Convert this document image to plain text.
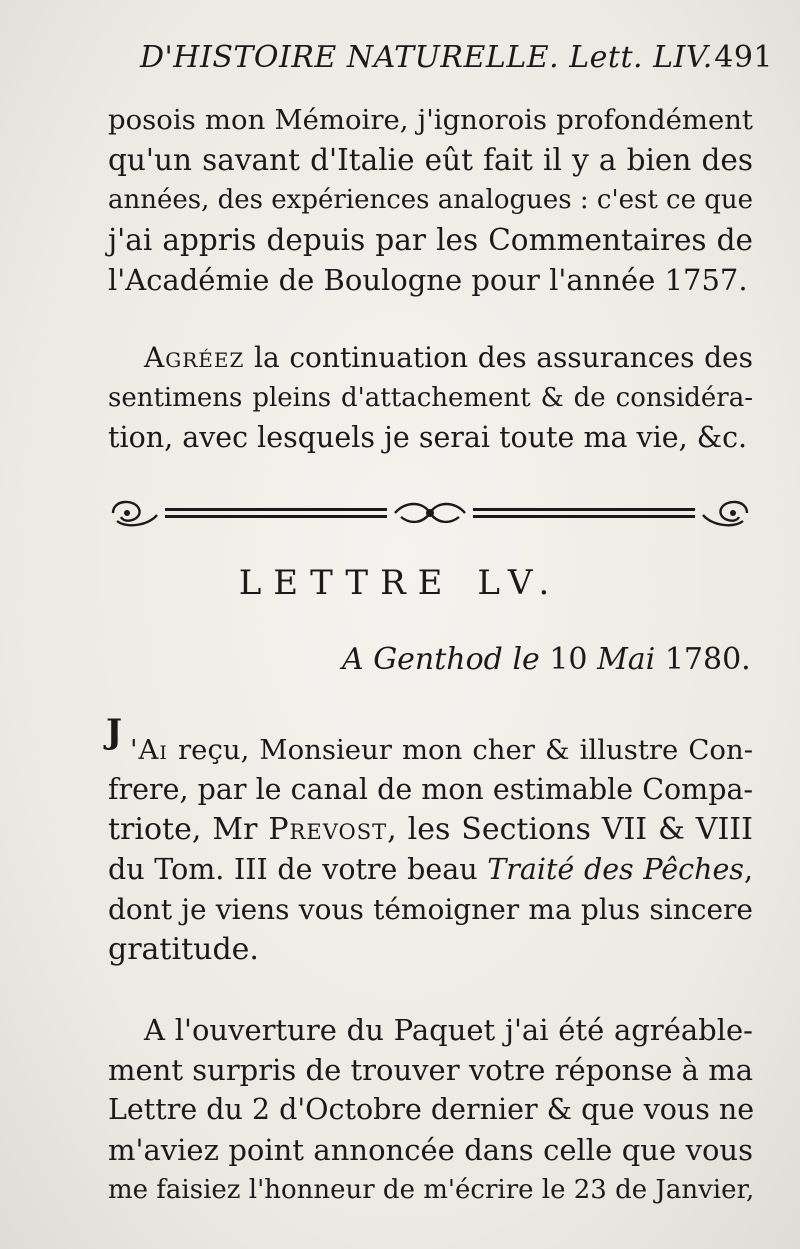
D'HISTOIRE NATURELLE. Lett. LIV. 491
posois mon Mémoire, j'ignorois profondément
qu'un savant d'Italie eût fait il y a bien des
années, des expériences analogues : c'est ce que
j'ai appris depuis par les Commentaires de
l'Académie de Boulogne pour l'année 1757.
Agréez la continuation des assurances des
sentimens pleins d'attachement & de considéra-
tion, avec lesquels je serai toute ma vie, &c.
LETTRE LV.
A Genthod le 10 Mai 1780.
J 'Ai reçu, Monsieur mon cher & illustre Con-
frere, par le canal de mon estimable Compa-
triote, Mr Prevost, les Sections VII & VIII
du Tom. III de votre beau Traité des Pêches,
dont je viens vous témoigner ma plus sincere
gratitude.
A l'ouverture du Paquet j'ai été agréable-
ment surpris de trouver votre réponse à ma
Lettre du 2 d'Octobre dernier & que vous ne
m'aviez point annoncée dans celle que vous
me faisiez l'honneur de m'écrire le 23 de Janvier,
